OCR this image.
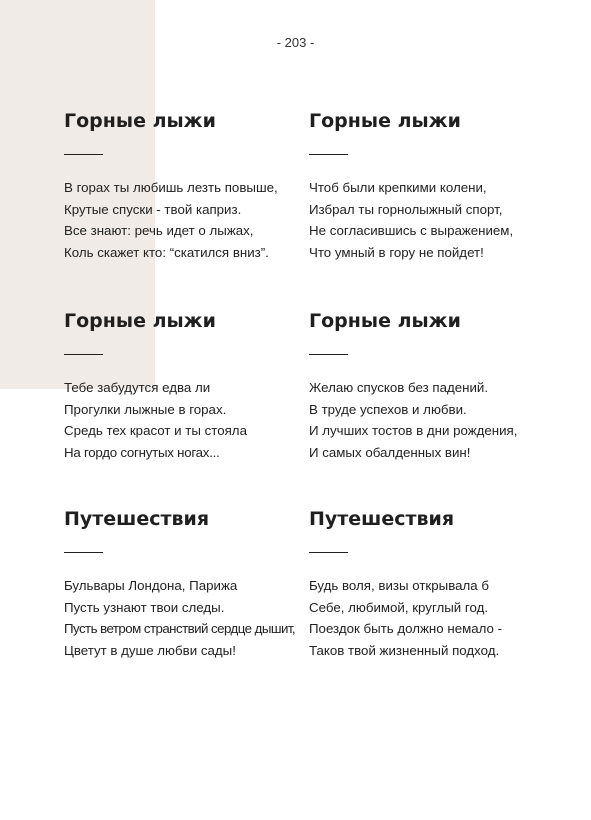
- 203 -
Горные лыжи
В горах ты любишь лезть повыше,
Крутые спуски - твой каприз.
Все знают: речь идет о лыжах,
Коль скажет кто: “скатился вниз”.
Горные лыжи
Чтоб были крепкими колени,
Избрал ты горнолыжный спорт,
Не согласившись с выражением,
Что умный в гору не пойдет!
Горные лыжи
Тебе забудутся едва ли
Прогулки лыжные в горах.
Средь тех красот и ты стояла
На гордо согнутых ногах...
Горные лыжи
Желаю спусков без падений.
В труде успехов и любви.
И лучших тостов в дни рождения,
И самых обалденных вин!
Путешествия
Бульвары Лондона, Парижа
Пусть узнают твои следы.
Пусть ветром странствий сердце дышит,
Цветут в душе любви сады!
Путешествия
Будь воля, визы открывала б
Себе, любимой, круглый год.
Поездок быть должно немало -
Таков твой жизненный подход.
